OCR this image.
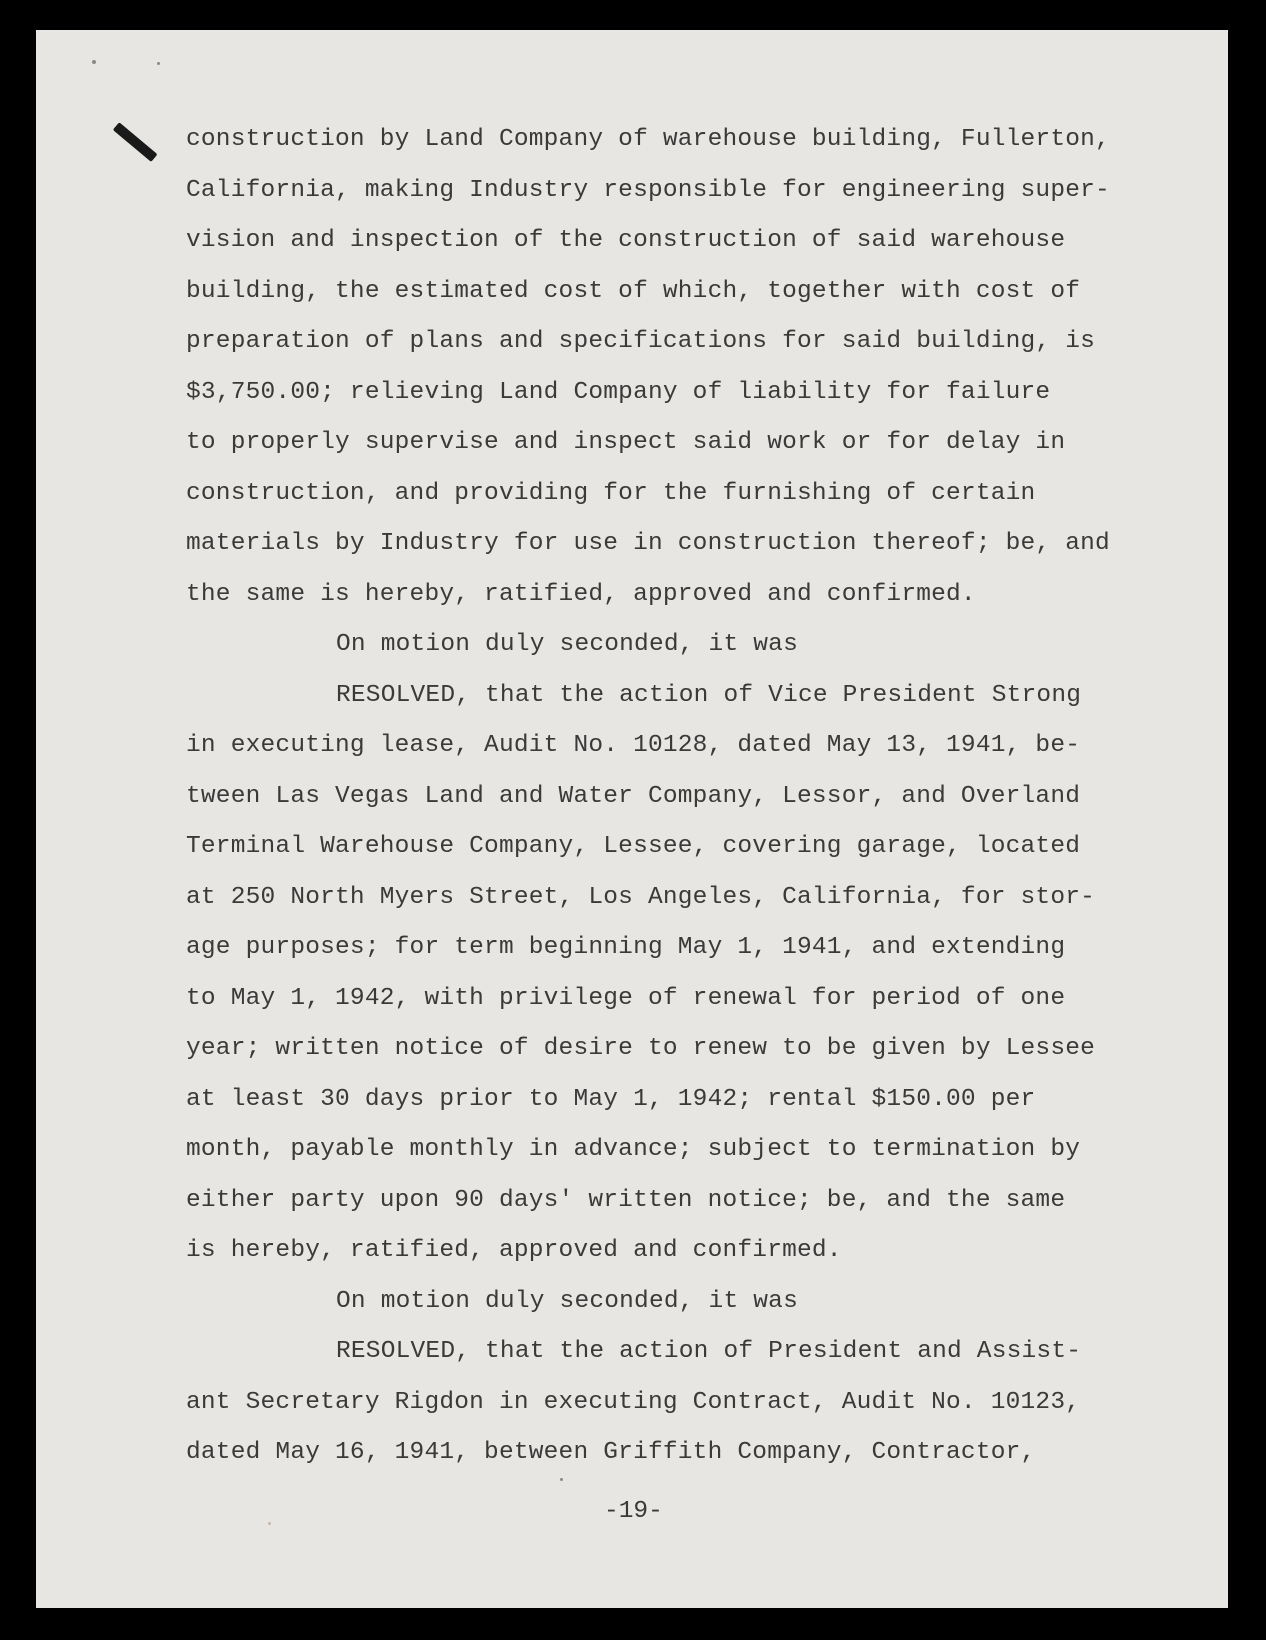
construction by Land Company of warehouse building, Fullerton,
California, making Industry responsible for engineering super-
vision and inspection of the construction of said warehouse
building, the estimated cost of which, together with cost of
preparation of plans and specifications for said building, is
$3,750.00; relieving Land Company of liability for failure
to properly supervise and inspect said work or for delay in
construction, and providing for the furnishing of certain
materials by Industry for use in construction thereof; be, and
the same is hereby, ratified, approved and confirmed.
On motion duly seconded, it was
RESOLVED, that the action of Vice President Strong
in executing lease, Audit No. 10128, dated May 13, 1941, be-
tween Las Vegas Land and Water Company, Lessor, and Overland
Terminal Warehouse Company, Lessee, covering garage, located
at 250 North Myers Street, Los Angeles, California, for stor-
age purposes; for term beginning May 1, 1941, and extending
to May 1, 1942, with privilege of renewal for period of one
year; written notice of desire to renew to be given by Lessee
at least 30 days prior to May 1, 1942; rental $150.00 per
month, payable monthly in advance; subject to termination by
either party upon 90 days' written notice; be, and the same
is hereby, ratified, approved and confirmed.
On motion duly seconded, it was
RESOLVED, that the action of President and Assist-
ant Secretary Rigdon in executing Contract, Audit No. 10123,
dated May 16, 1941, between Griffith Company, Contractor,
-19-
